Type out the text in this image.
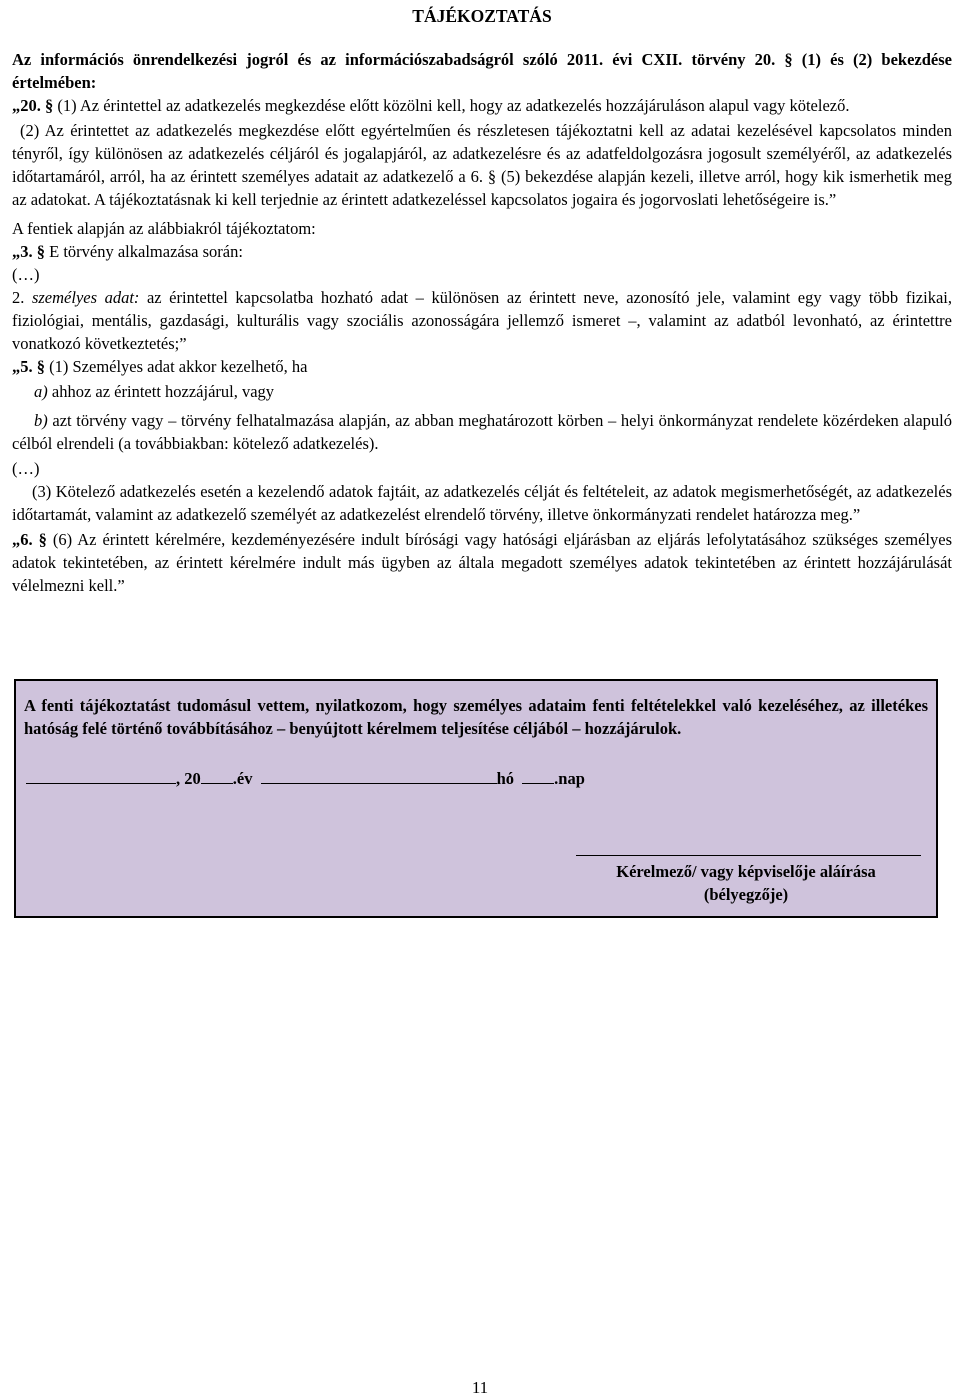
TÁJÉKOZTATÁS

Az információs önrendelkezési jogról és az információszabadságról szóló 2011. évi CXII. törvény 20. § (1) és (2) bekezdése értelmében:

„20. § (1) Az érintettel az adatkezelés megkezdése előtt közölni kell, hogy az adatkezelés hozzájáruláson alapul vagy kötelező.

(2) Az érintettet az adatkezelés megkezdése előtt egyértelműen és részletesen tájékoztatni kell az adatai kezelésével kapcsolatos minden tényről, így különösen az adatkezelés céljáról és jogalapjáról, az adatkezelésre és az adatfeldolgozásra jogosult személyéről, az adatkezelés időtartamáról, arról, ha az érintett személyes adatait az adatkezelő a 6. § (5) bekezdése alapján kezeli, illetve arról, hogy kik ismerhetik meg az adatokat. A tájékoztatásnak ki kell terjednie az érintett adatkezeléssel kapcsolatos jogaira és jogorvoslati lehetőségeire is.”

A fentiek alapján az alábbiakról tájékoztatom:

„3. § E törvény alkalmazása során:

(…)

2. személyes adat: az érintettel kapcsolatba hozható adat – különösen az érintett neve, azonosító jele, valamint egy vagy több fizikai, fiziológiai, mentális, gazdasági, kulturális vagy szociális azonosságára jellemző ismeret –, valamint az adatból levonható, az érintettre vonatkozó következtetés;”

„5. § (1) Személyes adat akkor kezelhető, ha

a) ahhoz az érintett hozzájárul, vagy

b) azt törvény vagy – törvény felhatalmazása alapján, az abban meghatározott körben – helyi önkormányzat rendelete közérdeken alapuló célból elrendeli (a továbbiakban: kötelező adatkezelés).

(…)

(3) Kötelező adatkezelés esetén a kezelendő adatok fajtáit, az adatkezelés célját és feltételeit, az adatok megismerhetőségét, az adatkezelés időtartamát, valamint az adatkezelő személyét az adatkezelést elrendelő törvény, illetve önkormányzati rendelet határozza meg.”

„6. § (6) Az érintett kérelmére, kezdeményezésére indult bírósági vagy hatósági eljárásban az eljárás lefolytatásához szükséges személyes adatok tekintetében, az érintett kérelmére indult más ügyben az általa megadott személyes adatok tekintetében az érintett hozzájárulását vélelmezni kell.”

A fenti tájékoztatást tudomásul vettem, nyilatkozom, hogy személyes adataim fenti feltételekkel való kezeléséhez, az illetékes hatóság felé történő továbbításához – benyújtott kérelmem teljesítése céljából – hozzájárulok.

, 20 .év	hó .nap
Kérelmező/ vagy képviselője aláírása
(bélyegzője)
11
